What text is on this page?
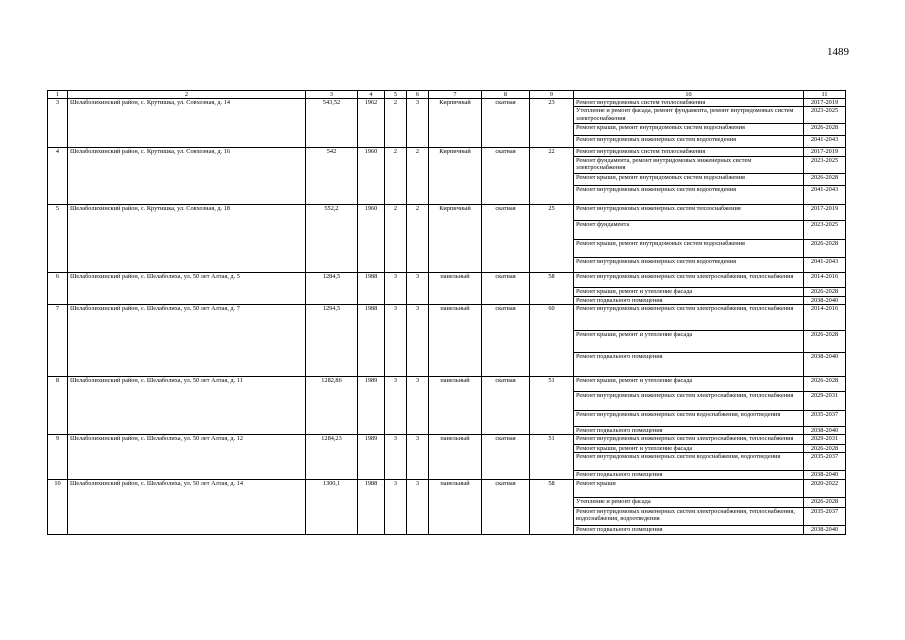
1489
1	2	3	4	5	6	7	8	9	10	11
3	Шелаболихинский район, с. Крутишка, ул. Совхозная, д. 14	543,52	1962	2	3	Кирпичный	скатная	23	Ремонт внутридомовых систем теплоснабжения	2017-2019
									Утепление и ремонт фасада, ремонт фундамента, ремонт внутридомовых систем электроснабжения	2023-2025
									Ремонт крыши, ремонт внутридомовых систем водоснабжения	2026-2028
									Ремонт внутридомовых инженерных систем водоотведения	2041-2043
4	Шелаболихинский район, с. Крутишка, ул. Совхозная, д. 16	542	1960	2	2	Кирпичный	скатная	22	Ремонт внутридомовых систем теплоснабжения	2017-2019
									Ремонт фундамента, ремонт внутридомовых инженерных систем электроснабжения	2023-2025
									Ремонт крыши, ремонт внутридомовых систем водоснабжения	2026-2028
									Ремонт внутридомовых инженерных систем водоотведения	2041-2043
5	Шелаболихинский район, с. Крутишка, ул. Совхозная, д. 18	552,2	1960	2	2	Кирпичный	скатная	25	Ремонт внутридомовых инженерных систем теплоснабжения	2017-2019
									Ремонт фундамента	2023-2025
									Ремонт крыши, ремонт внутридомовых систем водоснабжения	2026-2028
									Ремонт внутридомовых инженерных систем водоотведения	2041-2043
6	Шелаболихинский район, с. Шелаболиха, ул. 50 лет Алтая, д. 5	1284,5	1988	3	3	панельный	скатная	58	Ремонт внутридомовых инженерных систем электроснабжения, теплоснабжения	2014-2016
									Ремонт крыши, ремонт и утепление фасада	2026-2028
									Ремонт подвального помещения	2038-2040
7	Шелаболихинский район, с. Шелаболиха, ул. 50 лет Алтая, д. 7	1294,5	1988	3	3	панельный	скатная	60	Ремонт внутридомовых инженерных систем электроснабжения, теплоснабжения	2014-2016
									Ремонт крыши, ремонт и утепление фасада	2026-2028
									Ремонт подвального помещения	2038-2040
8	Шелаболихинский район, с. Шелаболиха, ул. 50 лет Алтая, д. 11	1282,86	1989	3	3	панельный	скатная	51	Ремонт крыши, ремонт и утепление фасада	2026-2028
									Ремонт внутридомовых инженерных систем электроснабжения, теплоснабжения	2029-2031
									Ремонт внутридомовых инженерных систем водоснабжения, водоотведения	2035-2037
									Ремонт подвального помещения	2038-2040
9	Шелаболихинский район, с. Шелаболиха, ул. 50 лет Алтая, д. 12	1284,23	1989	3	3	панельный	скатная	51	Ремонт внутридомовых инженерных систем электроснабжения, теплоснабжения	2029-2031
									Ремонт крыши, ремонт и утепление фасада	2026-2028
									Ремонт внутридомовых инженерных систем водоснабжения, водоотведения	2035-2037
									Ремонт подвального помещения	2038-2040
10	Шелаболихинский район, с. Шелаболиха, ул. 50 лет Алтая, д. 14	1300,1	1988	3	3	панельный	скатная	58	Ремонт крыши	2020-2022
									Утепление и ремонт фасада	2026-2028
									Ремонт внутридомовых инженерных систем электроснабжения, теплоснабжения, водоснабжения, водоотведения	2035-2037
									Ремонт подвального помещения	2038-2040
